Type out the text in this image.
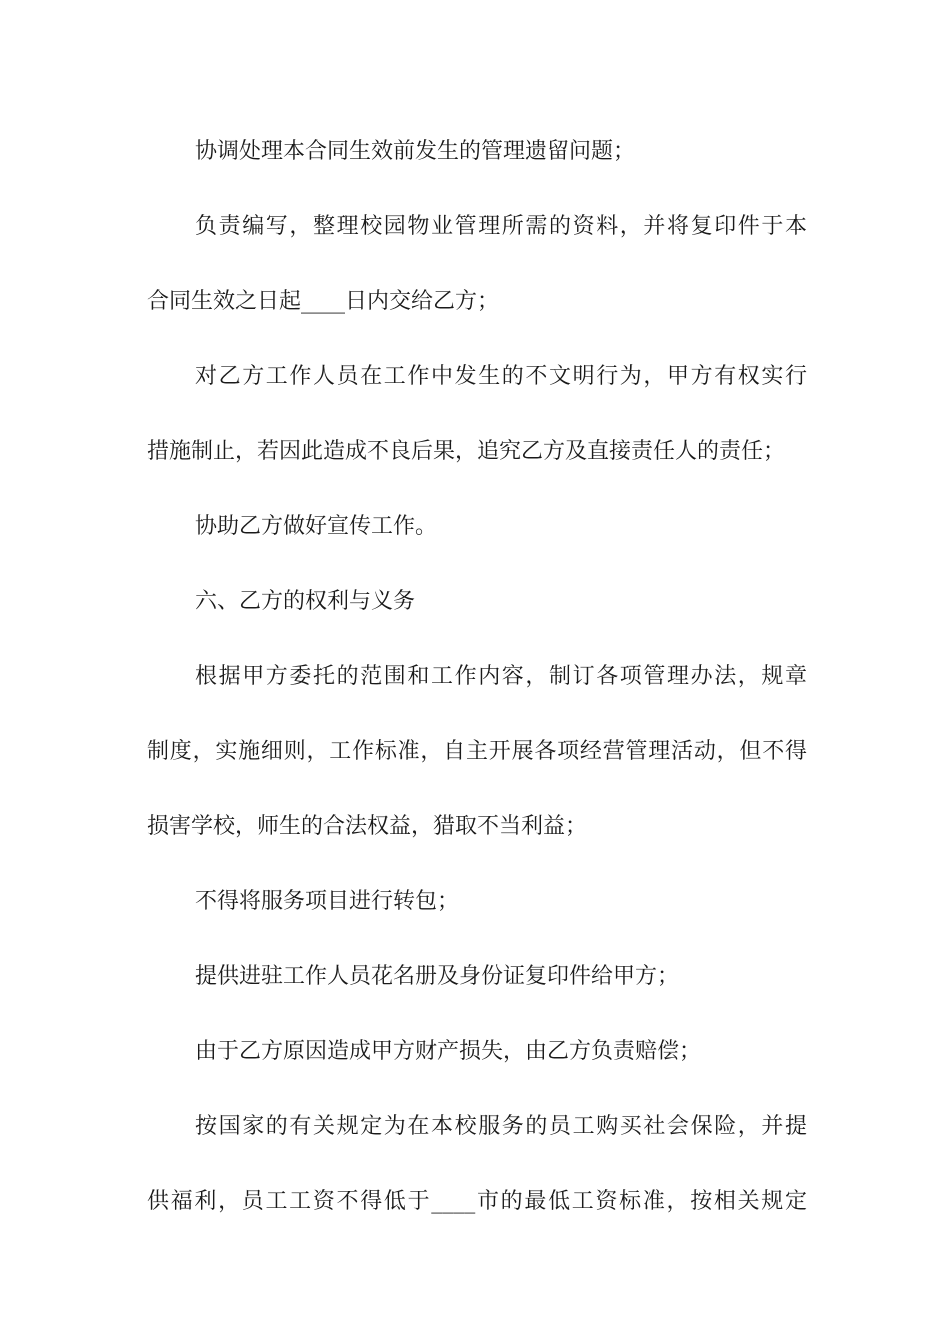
协调处理本合同生效前发生的管理遗留问题；
负责编写，整理校园物业管理所需的资料，并将复印件于本
合同生效之日起____日内交给乙方；
对乙方工作人员在工作中发生的不文明行为，甲方有权实行
措施制止，若因此造成不良后果，追究乙方及直接责任人的责任；
协助乙方做好宣传工作。
六、乙方的权利与义务
根据甲方委托的范围和工作内容，制订各项管理办法，规章
制度，实施细则，工作标准，自主开展各项经营管理活动，但不得
损害学校，师生的合法权益，猎取不当利益；
不得将服务项目进行转包；
提供进驻工作人员花名册及身份证复印件给甲方；
由于乙方原因造成甲方财产损失，由乙方负责赔偿；
按国家的有关规定为在本校服务的员工购买社会保险，并提
供福利，员工工资不得低于____市的最低工资标准，按相关规定
